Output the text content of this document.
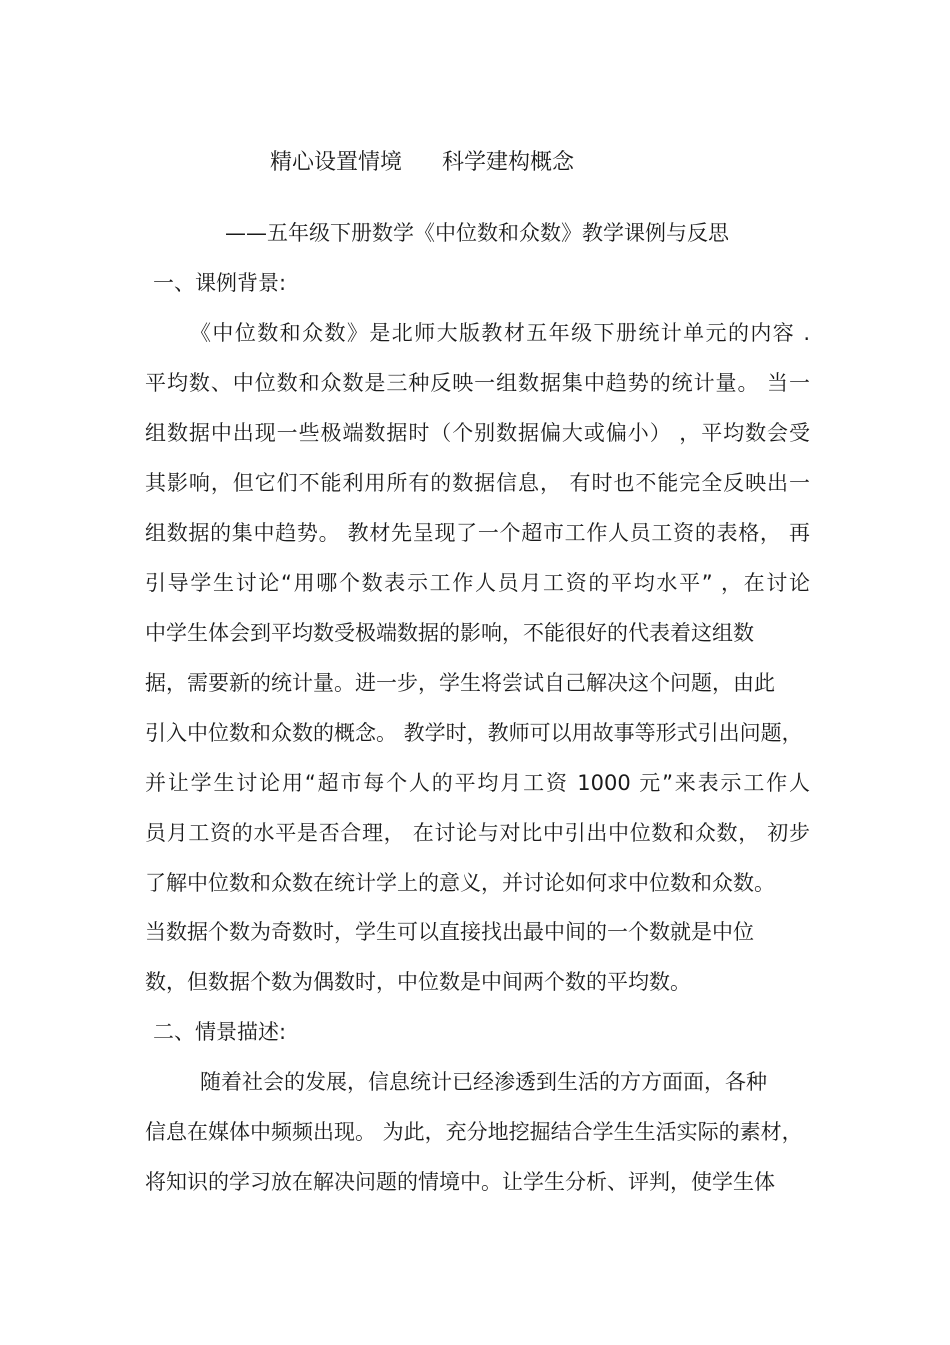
精心设置情境 科学建构概念

——五年级下册数学《中位数和众数》教学课例与反思

一、课例背景:

《中位数和众数》是北师大版教材五年级下册统计单元的内容 .

平均数、中位数和众数是三种反映一组数据集中趋势的统计量。 当一

组数据中出现一些极端数据时（个别数据偏大或偏小） ，平均数会受

其影响，但它们不能利用所有的数据信息， 有时也不能完全反映出一

组数据的集中趋势。 教材先呈现了一个超市工作人员工资的表格， 再

引导学生讨论“用哪个数表示工作人员月工资的平均水平” ，在讨论

中学生体会到平均数受极端数据的影响，不能很好的代表着这组数

据，需要新的统计量。进一步，学生将尝试自己解决这个问题，由此

引入中位数和众数的概念。 教学时，教师可以用故事等形式引出问题，

并让学生讨论用“超市每个人的平均月工资 1000 元”来表示工作人

员月工资的水平是否合理， 在讨论与对比中引出中位数和众数， 初步

了解中位数和众数在统计学上的意义，并讨论如何求中位数和众数。

当数据个数为奇数时，学生可以直接找出最中间的一个数就是中位

数，但数据个数为偶数时，中位数是中间两个数的平均数。

二、情景描述:

随着社会的发展，信息统计已经渗透到生活的方方面面，各种

信息在媒体中频频出现。 为此，充分地挖掘结合学生生活实际的素材，

将知识的学习放在解决问题的情境中。让学生分析、评判，使学生体
